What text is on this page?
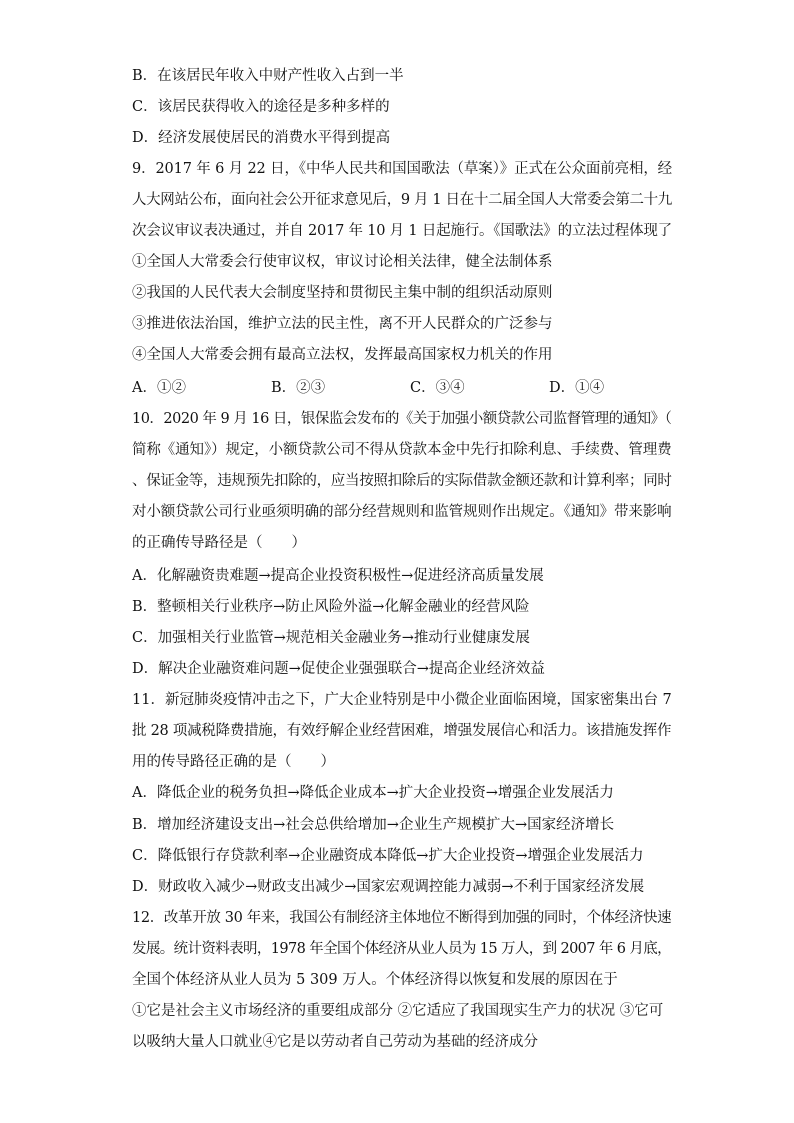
B．在该居民年收入中财产性收入占到一半
C．该居民获得收入的途径是多种多样的
D．经济发展使居民的消费水平得到提高
9．2017 年 6 月 22 日，《中华人民共和国国歌法（草案）》正式在公众面前亮相，经
人大网站公布，面向社会公开征求意见后，9 月 1 日在十二届全国人大常委会第二十九
次会议审议表决通过，并自 2017 年 10 月 1 日起施行。《国歌法》的立法过程体现了
①全国人大常委会行使审议权，审议讨论相关法律，健全法制体系
②我国的人民代表大会制度坚持和贯彻民主集中制的组织活动原则
③推进依法治国，维护立法的民主性，离不开人民群众的广泛参与
④全国人大常委会拥有最高立法权，发挥最高国家权力机关的作用
A．①②	B．②③	C．③④	D．①④
10．2020 年 9 月 16 日，银保监会发布的《关于加强小额贷款公司监督管理的通知》（
简称《通知》）规定，小额贷款公司不得从贷款本金中先行扣除利息、手续费、管理费
、保证金等，违规预先扣除的，应当按照扣除后的实际借款金额还款和计算利率；同时
对小额贷款公司行业亟须明确的部分经营规则和监管规则作出规定。《通知》带来影响
的正确传导路径是（　　）
A．化解融资贵难题→提高企业投资积极性→促进经济高质量发展
B．整顿相关行业秩序→防止风险外溢→化解金融业的经营风险
C．加强相关行业监管→规范相关金融业务→推动行业健康发展
D．解决企业融资难问题→促使企业强强联合→提高企业经济效益
11．新冠肺炎疫情冲击之下，广大企业特别是中小微企业面临困境，国家密集出台 7
批 28 项减税降费措施，有效纾解企业经营困难，增强发展信心和活力。该措施发挥作
用的传导路径正确的是（　　）
A．降低企业的税务负担→降低企业成本→扩大企业投资→增强企业发展活力
B．增加经济建设支出→社会总供给增加→企业生产规模扩大→国家经济增长
C．降低银行存贷款利率→企业融资成本降低→扩大企业投资→增强企业发展活力
D．财政收入减少→财政支出减少→国家宏观调控能力减弱→不利于国家经济发展
12．改革开放 30 年来，我国公有制经济主体地位不断得到加强的同时，个体经济快速
发展。统计资料表明，1978 年全国个体经济从业人员为 15 万人，到 2007 年 6 月底，
全国个体经济从业人员为 5 309 万人。个体经济得以恢复和发展的原因在于
①它是社会主义市场经济的重要组成部分 ②它适应了我国现实生产力的状况 ③它可
以吸纳大量人口就业④它是以劳动者自己劳动为基础的经济成分
